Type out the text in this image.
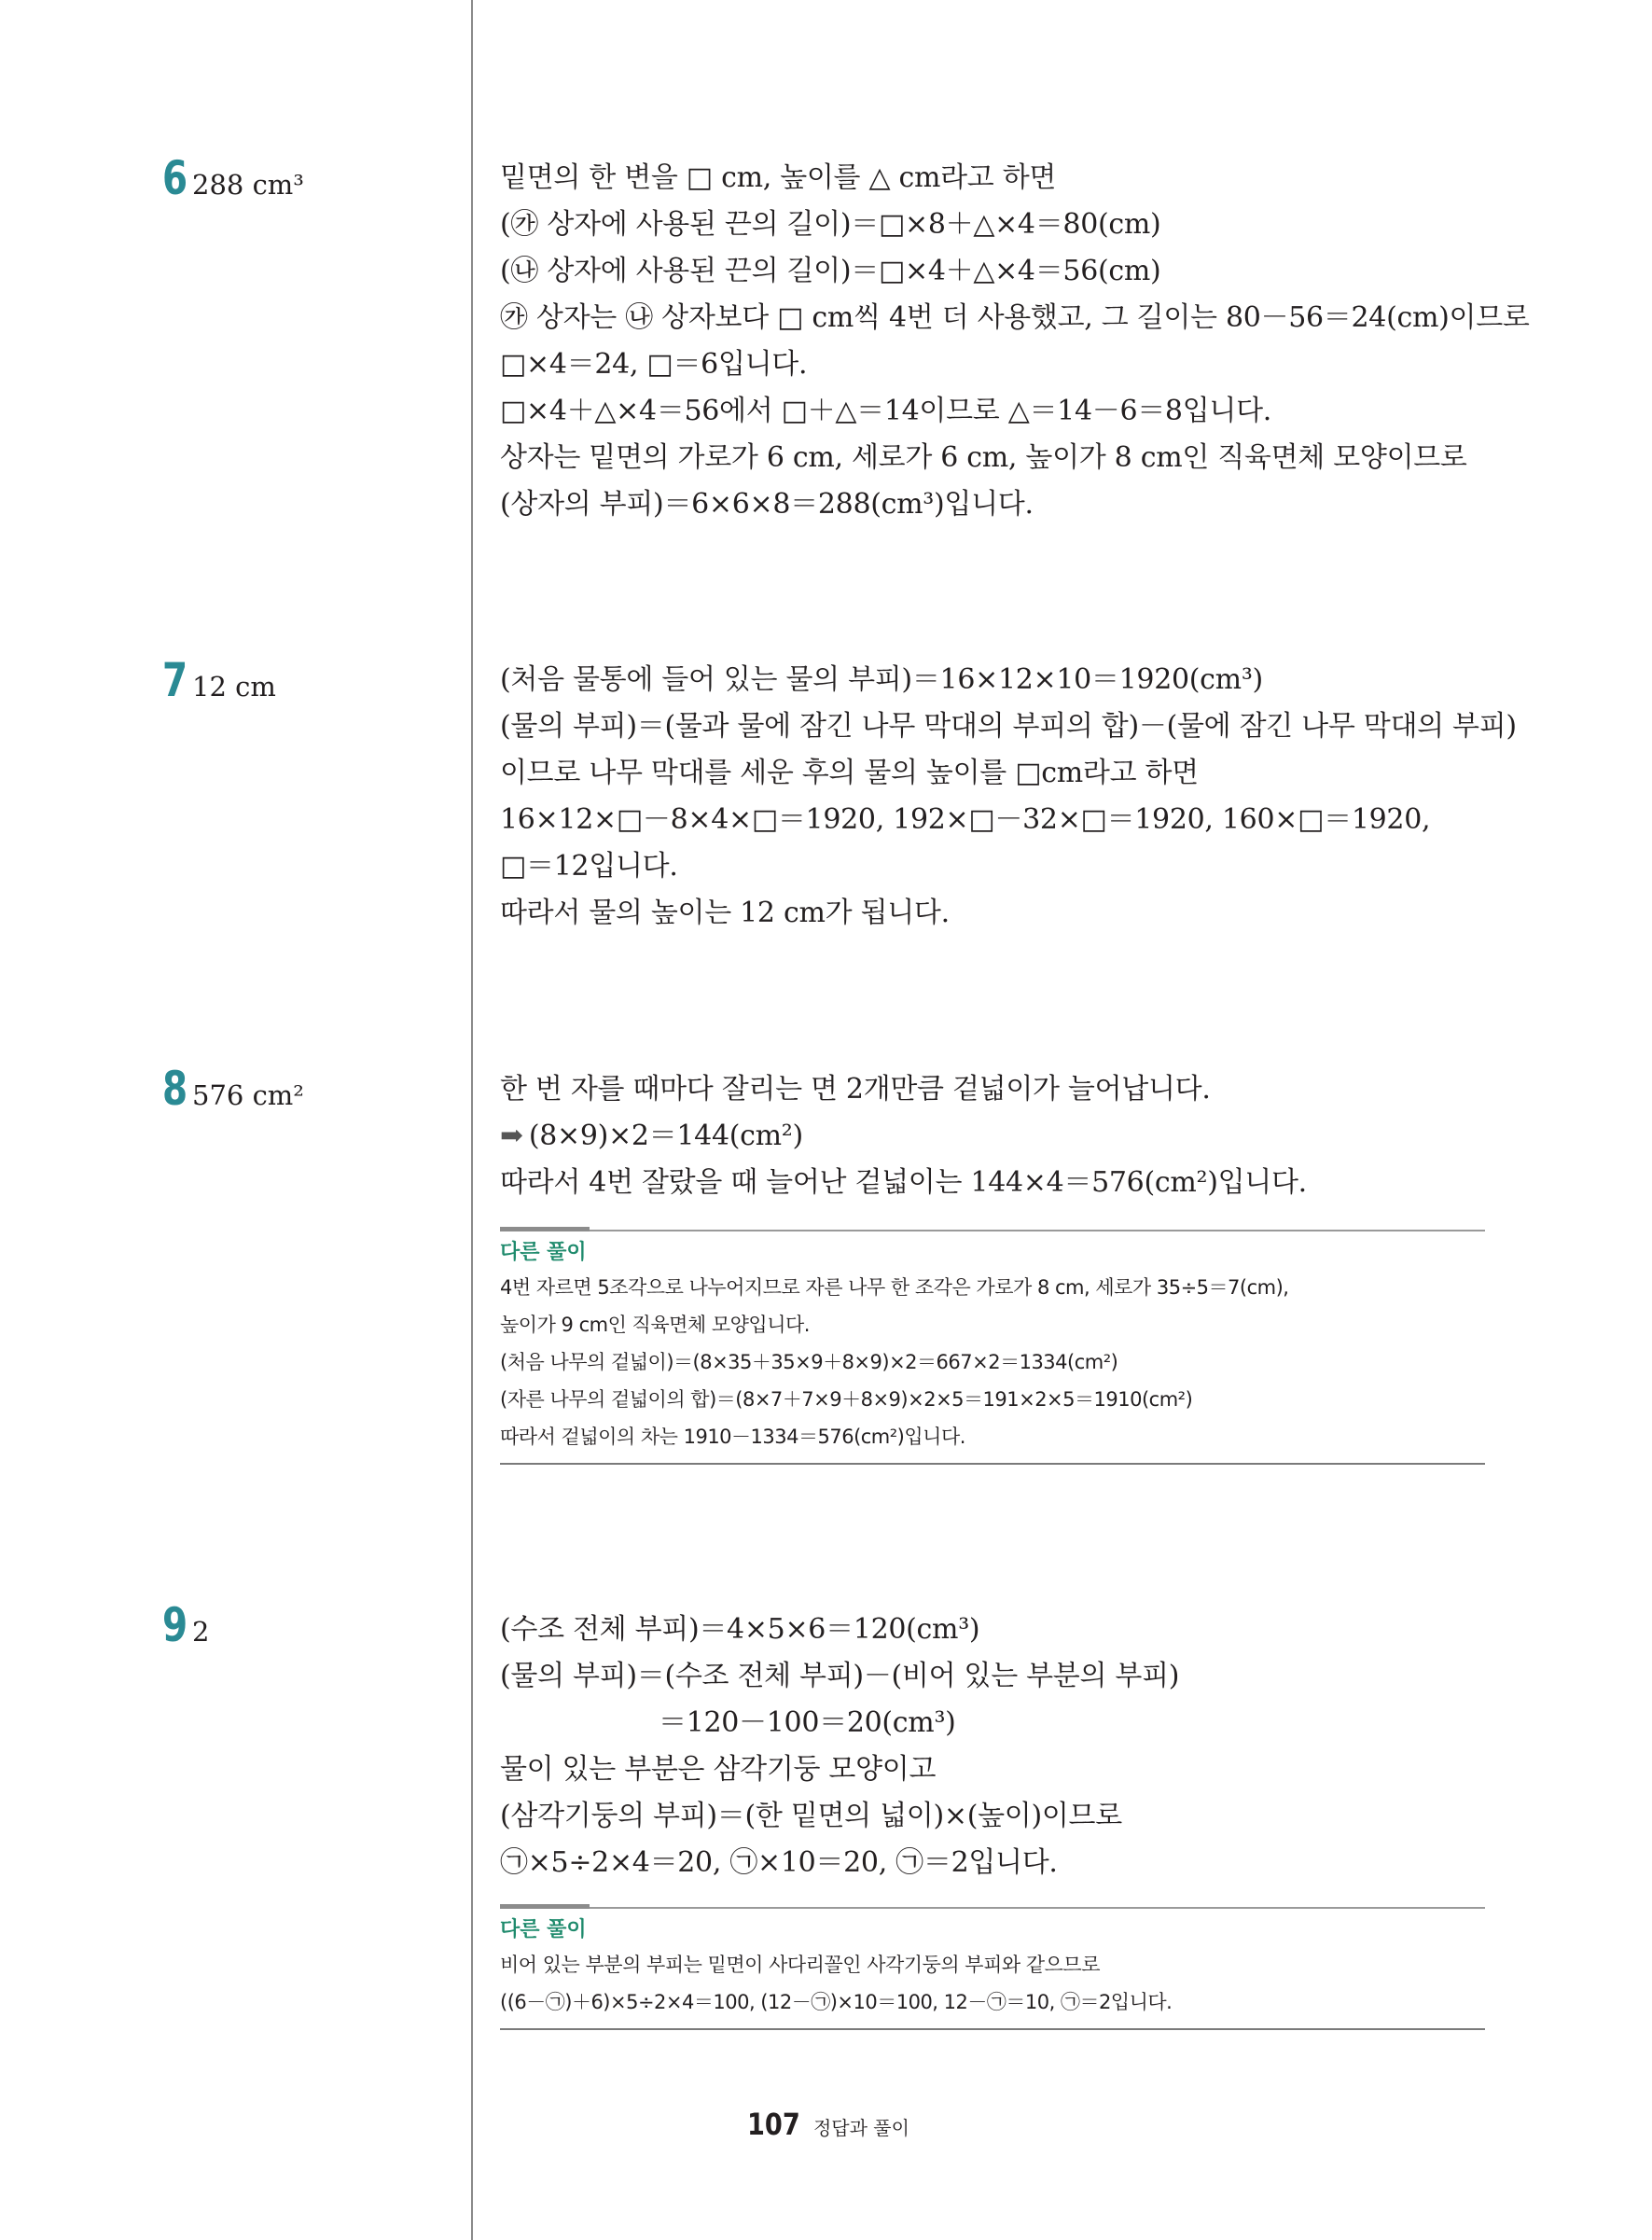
6 288 cm³	밑면의 한 변을 □ cm, 높이를 △ cm라고 하면
(㉮ 상자에 사용된 끈의 길이)＝□×8＋△×4＝80(cm)
(㉯ 상자에 사용된 끈의 길이)＝□×4＋△×4＝56(cm)
㉮ 상자는 ㉯ 상자보다 □ cm씩 4번 더 사용했고, 그 길이는 80－56＝24(cm)이므로
□×4＝24, □＝6입니다.
□×4＋△×4＝56에서 □＋△＝14이므로 △＝14－6＝8입니다.
상자는 밑면의 가로가 6 cm, 세로가 6 cm, 높이가 8 cm인 직육면체 모양이므로
(상자의 부피)＝6×6×8＝288(cm³)입니다.
7 12 cm	(처음 물통에 들어 있는 물의 부피)＝16×12×10＝1920(cm³)
(물의 부피)＝(물과 물에 잠긴 나무 막대의 부피의 합)－(물에 잠긴 나무 막대의 부피)
이므로 나무 막대를 세운 후의 물의 높이를 □cm라고 하면
16×12×□－8×4×□＝1920, 192×□－32×□＝1920, 160×□＝1920,
□＝12입니다.
따라서 물의 높이는 12 cm가 됩니다.
8 576 cm²	한 번 자를 때마다 잘리는 면 2개만큼 겉넓이가 늘어납니다.
➡ (8×9)×2＝144(cm²)
따라서 4번 잘랐을 때 늘어난 겉넓이는 144×4＝576(cm²)입니다.
다른 풀이
4번 자르면 5조각으로 나누어지므로 자른 나무 한 조각은 가로가 8 cm, 세로가 35÷5＝7(cm),
높이가 9 cm인 직육면체 모양입니다.
(처음 나무의 겉넓이)＝(8×35＋35×9＋8×9)×2＝667×2＝1334(cm²)
(자른 나무의 겉넓이의 합)＝(8×7＋7×9＋8×9)×2×5＝191×2×5＝1910(cm²)
따라서 겉넓이의 차는 1910－1334＝576(cm²)입니다.
9 2	(수조 전체 부피)＝4×5×6＝120(cm³)
(물의 부피)＝(수조 전체 부피)－(비어 있는 부분의 부피)
＝120－100＝20(cm³)
물이 있는 부분은 삼각기둥 모양이고
(삼각기둥의 부피)＝(한 밑면의 넓이)×(높이)이므로
㉠×5÷2×4＝20, ㉠×10＝20, ㉠＝2입니다.
다른 풀이
비어 있는 부분의 부피는 밑면이 사다리꼴인 사각기둥의 부피와 같으므로
((6－㉠)＋6)×5÷2×4＝100, (12－㉠)×10＝100, 12－㉠＝10, ㉠＝2입니다.
107 정답과 풀이
